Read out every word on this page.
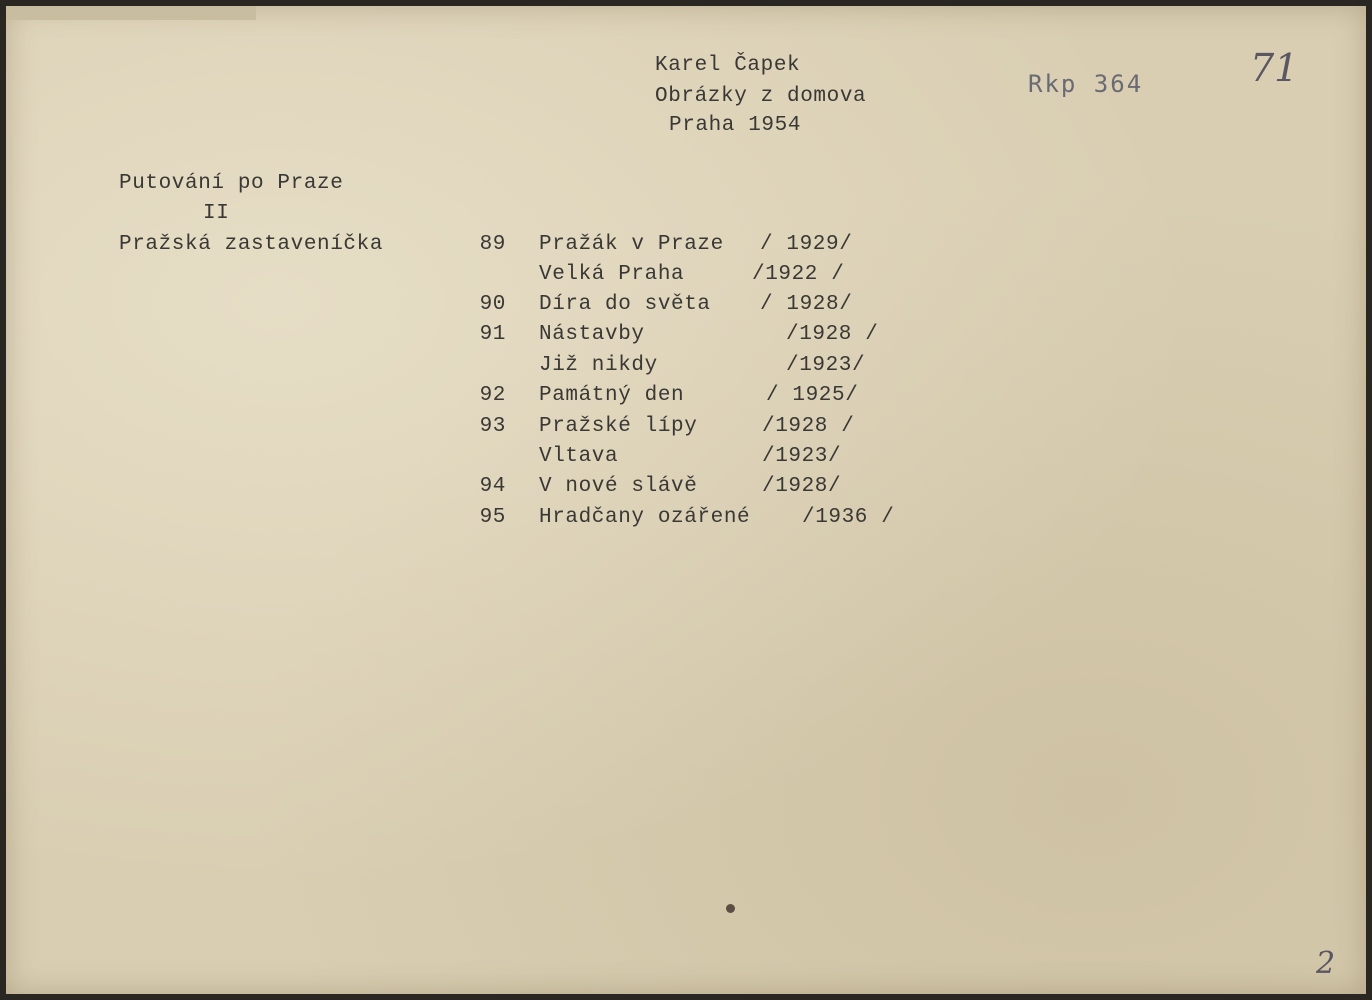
Karel Čapek
Obrázky z domova
Praha 1954
Rkp 364	71
Putování po Praze
II
Pražská zastaveníčka	89 Pražák v Praze / 1929/
Velká Praha	/1922 /
90 Díra do světa / 1928/
91 Nástavby	/1928 /
Již nikdy	/1923/
92 Památný den	/ 1925/
93 Pražské lípy	/1928 /
Vltava	/1923/
94 V nové slávě	/1928/
95 Hradčany ozářené /1936 /
2
